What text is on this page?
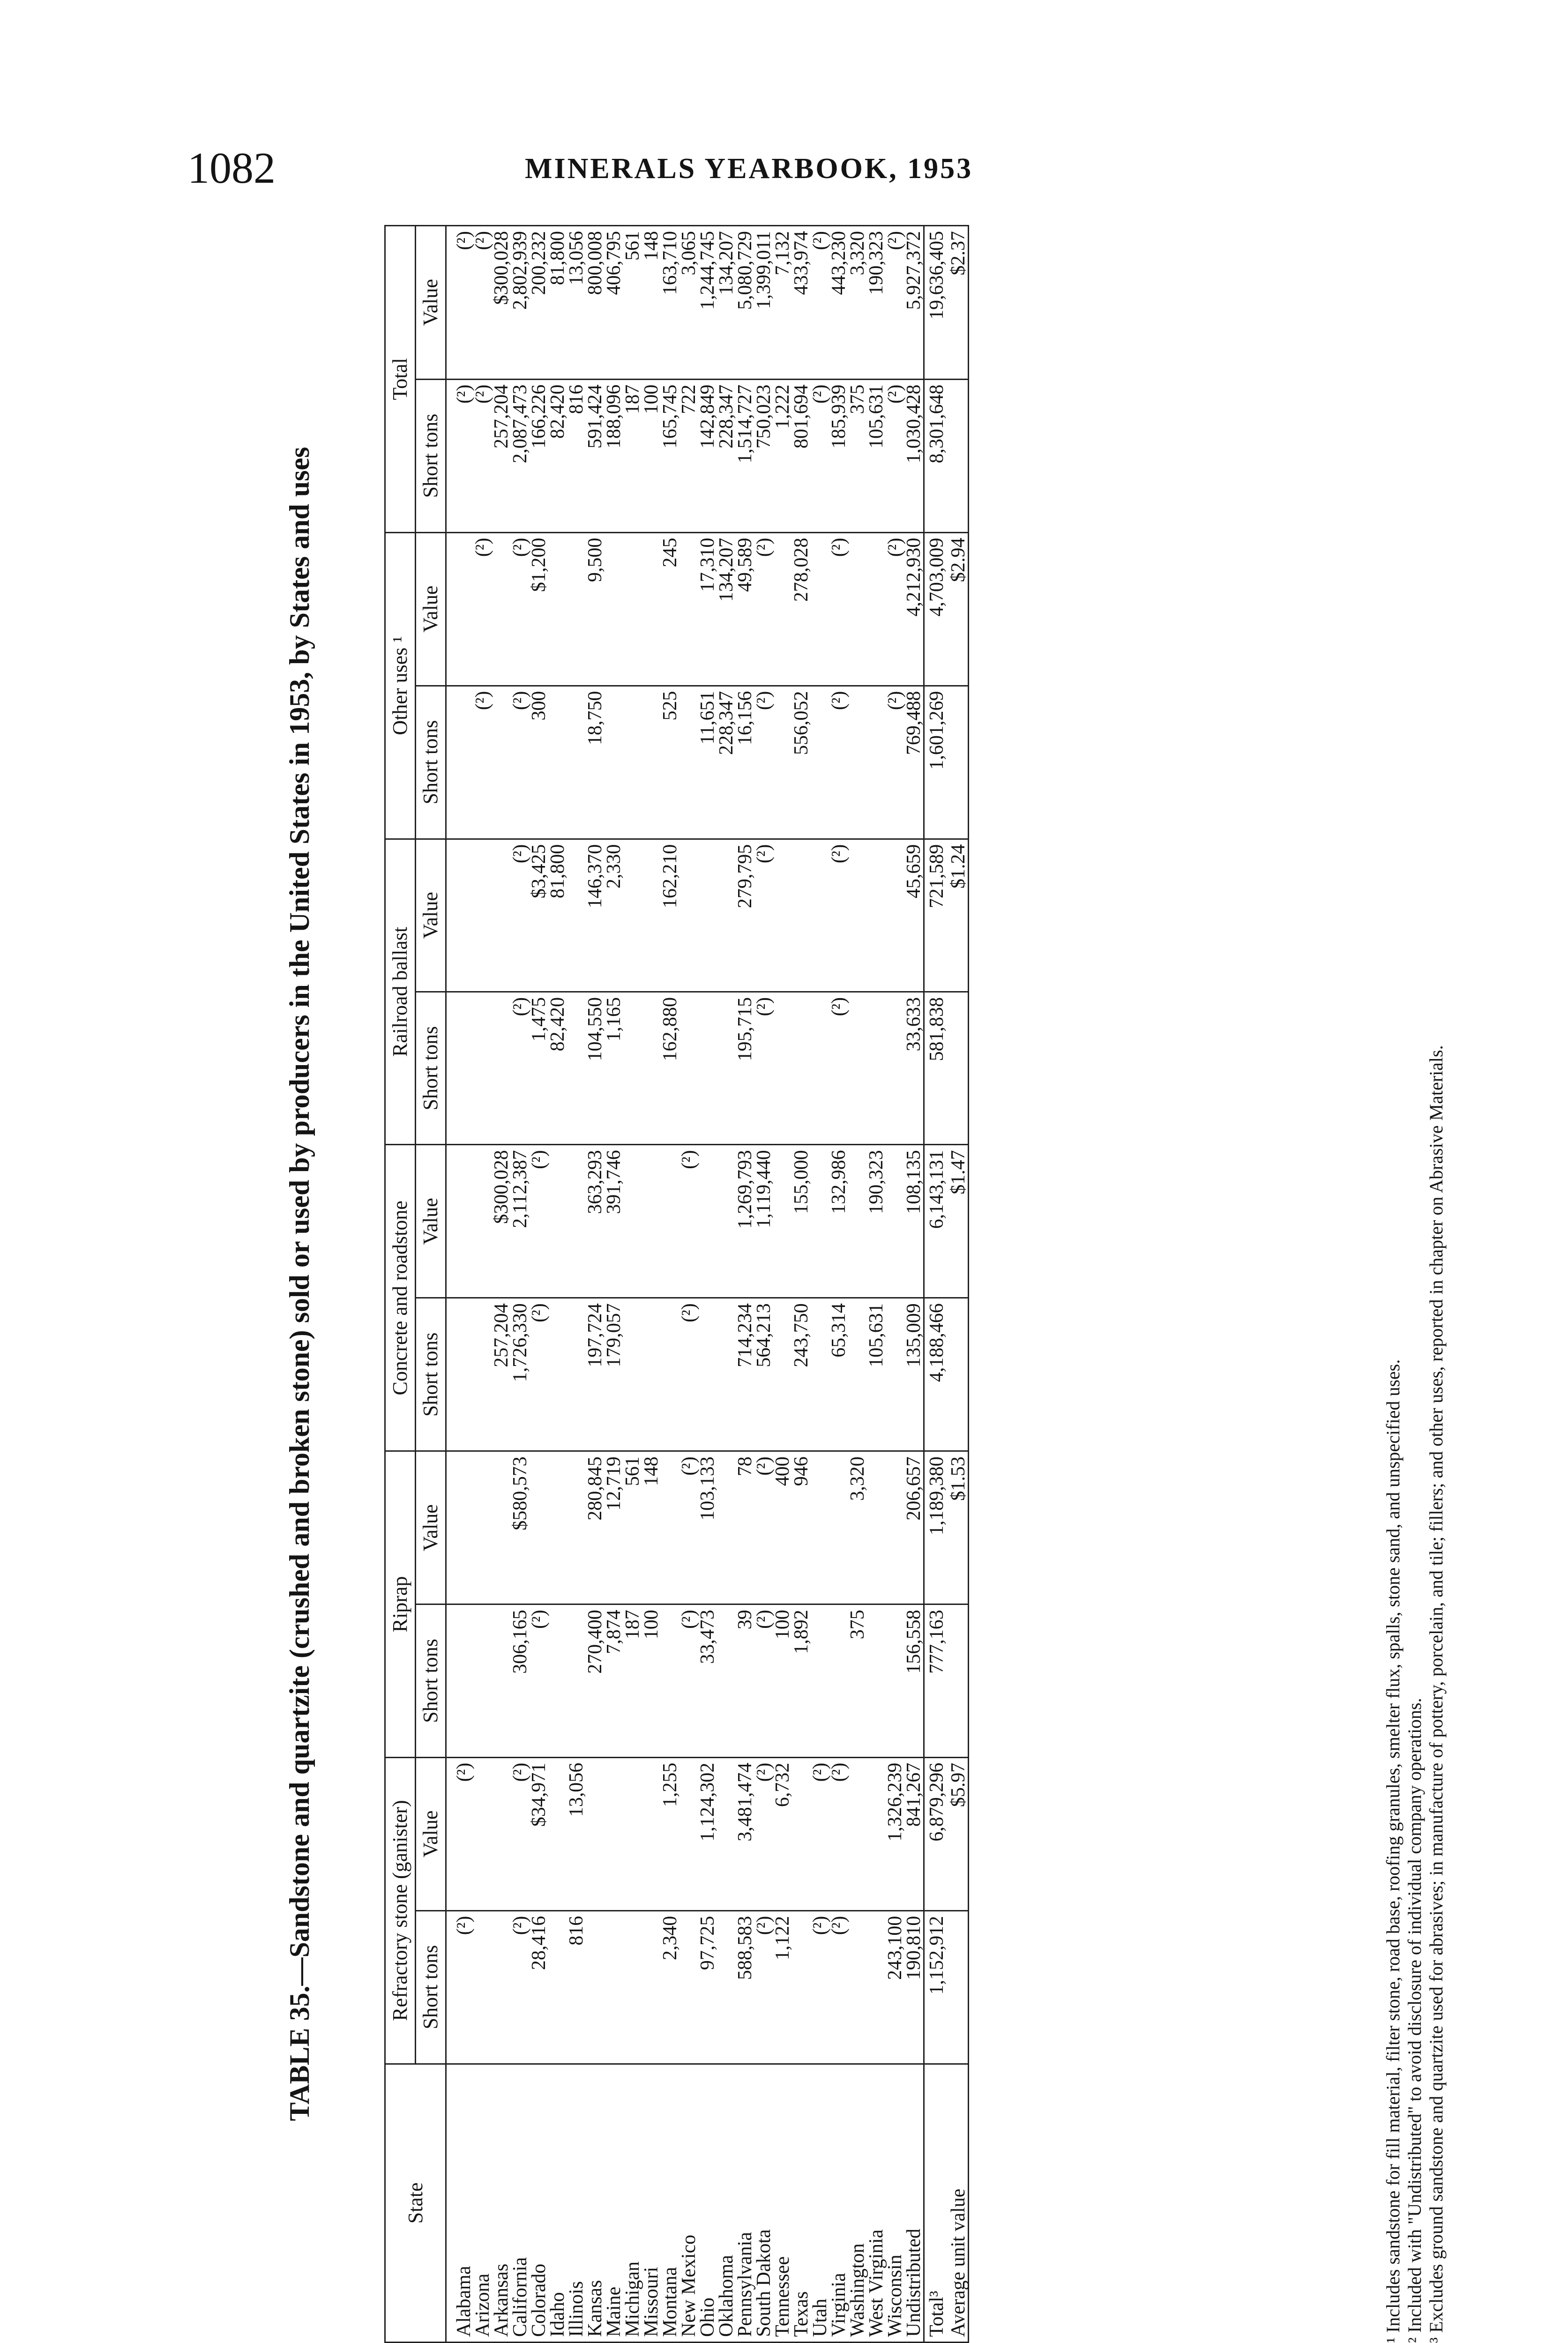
1082	MINERALS YEARBOOK, 1953
TABLE 35.—Sandstone and quartzite (crushed and broken stone) sold or used by producers in the United States in 1953, by States and uses
State	Refractory stone (ganister)		Riprap		Concrete and roadstone		Railroad ballast		Other uses ¹		Total	
	Short tons	Value	Short tons	Value	Short tons	Value	Short tons	Value	Short tons	Value	Short tons	Value

Alabama	(²)	(²)									(²)	(²)
Arizona									(²)	(²)	(²)	(²)
Arkansas					257,204	$300,028					257,204	$300,028
California	(²)	(²)	306,165	$580,573	1,726,330	2,112,387	(²)	(²)	(²)	(²)	2,087,473	2,802,939
Colorado	28,416	$34,971	(²)		(²)	(²)	1,475	$3,425	300	$1,200	166,226	200,232
Idaho							82,420	81,800			82,420	81,800
Illinois	816	13,056									816	13,056
Kansas			270,400	280,845	197,724	363,293	104,550	146,370	18,750	9,500	591,424	800,008
Maine			7,874	12,719	179,057	391,746	1,165	2,330			188,096	406,795
Michigan			187	561							187	561
Missouri			100	148							100	148
Montana	2,340	1,255					162,880	162,210	525	245	165,745	163,710
New Mexico			(²)	(²)	(²)	(²)					722	3,065
Ohio	97,725	1,124,302	33,473	103,133					11,651	17,310	142,849	1,244,745
Oklahoma									228,347	134,207	228,347	134,207
Pennsylvania	588,583	3,481,474	39	78	714,234	1,269,793	195,715	279,795	16,156	49,589	1,514,727	5,080,729
South Dakota	(²)	(²)	(²)	(²)	564,213	1,119,440	(²)	(²)	(²)	(²)	750,023	1,399,011
Tennessee	1,122	6,732	100	400							1,222	7,132
Texas			1,892	946	243,750	155,000			556,052	278,028	801,694	433,974
Utah	(²)	(²)									(²)	(²)
Virginia	(²)	(²)			65,314	132,986	(²)	(²)	(²)	(²)	185,939	443,230
Washington			375	3,320							375	3,320
West Virginia					105,631	190,323					105,631	190,323
Wisconsin	243,100	1,326,239							(²)	(²)	(²)	(²)
Undistributed	190,810	841,267	156,558	206,657	135,009	108,135	33,633	45,659	769,488	4,212,930	1,030,428	5,927,372
Total³	1,152,912	6,879,296	777,163	1,189,380	4,188,466	6,143,131	581,838	721,589	1,601,269	4,703,009	8,301,648	19,636,405
Average unit value		$5.97		$1.53		$1.47		$1.24		$2.94		$2.37
¹ Includes sandstone for fill material, filter stone, road base, roofing granules, smelter flux, spalls, stone sand, and unspecified uses. ² Included with "Undistributed" to avoid disclosure of individual company operations. ³ Excludes ground sandstone and quartzite used for abrasives; in manufacture of pottery, porcelain, and tile; fillers; and other uses, reported in chapter on Abrasive Materials.
